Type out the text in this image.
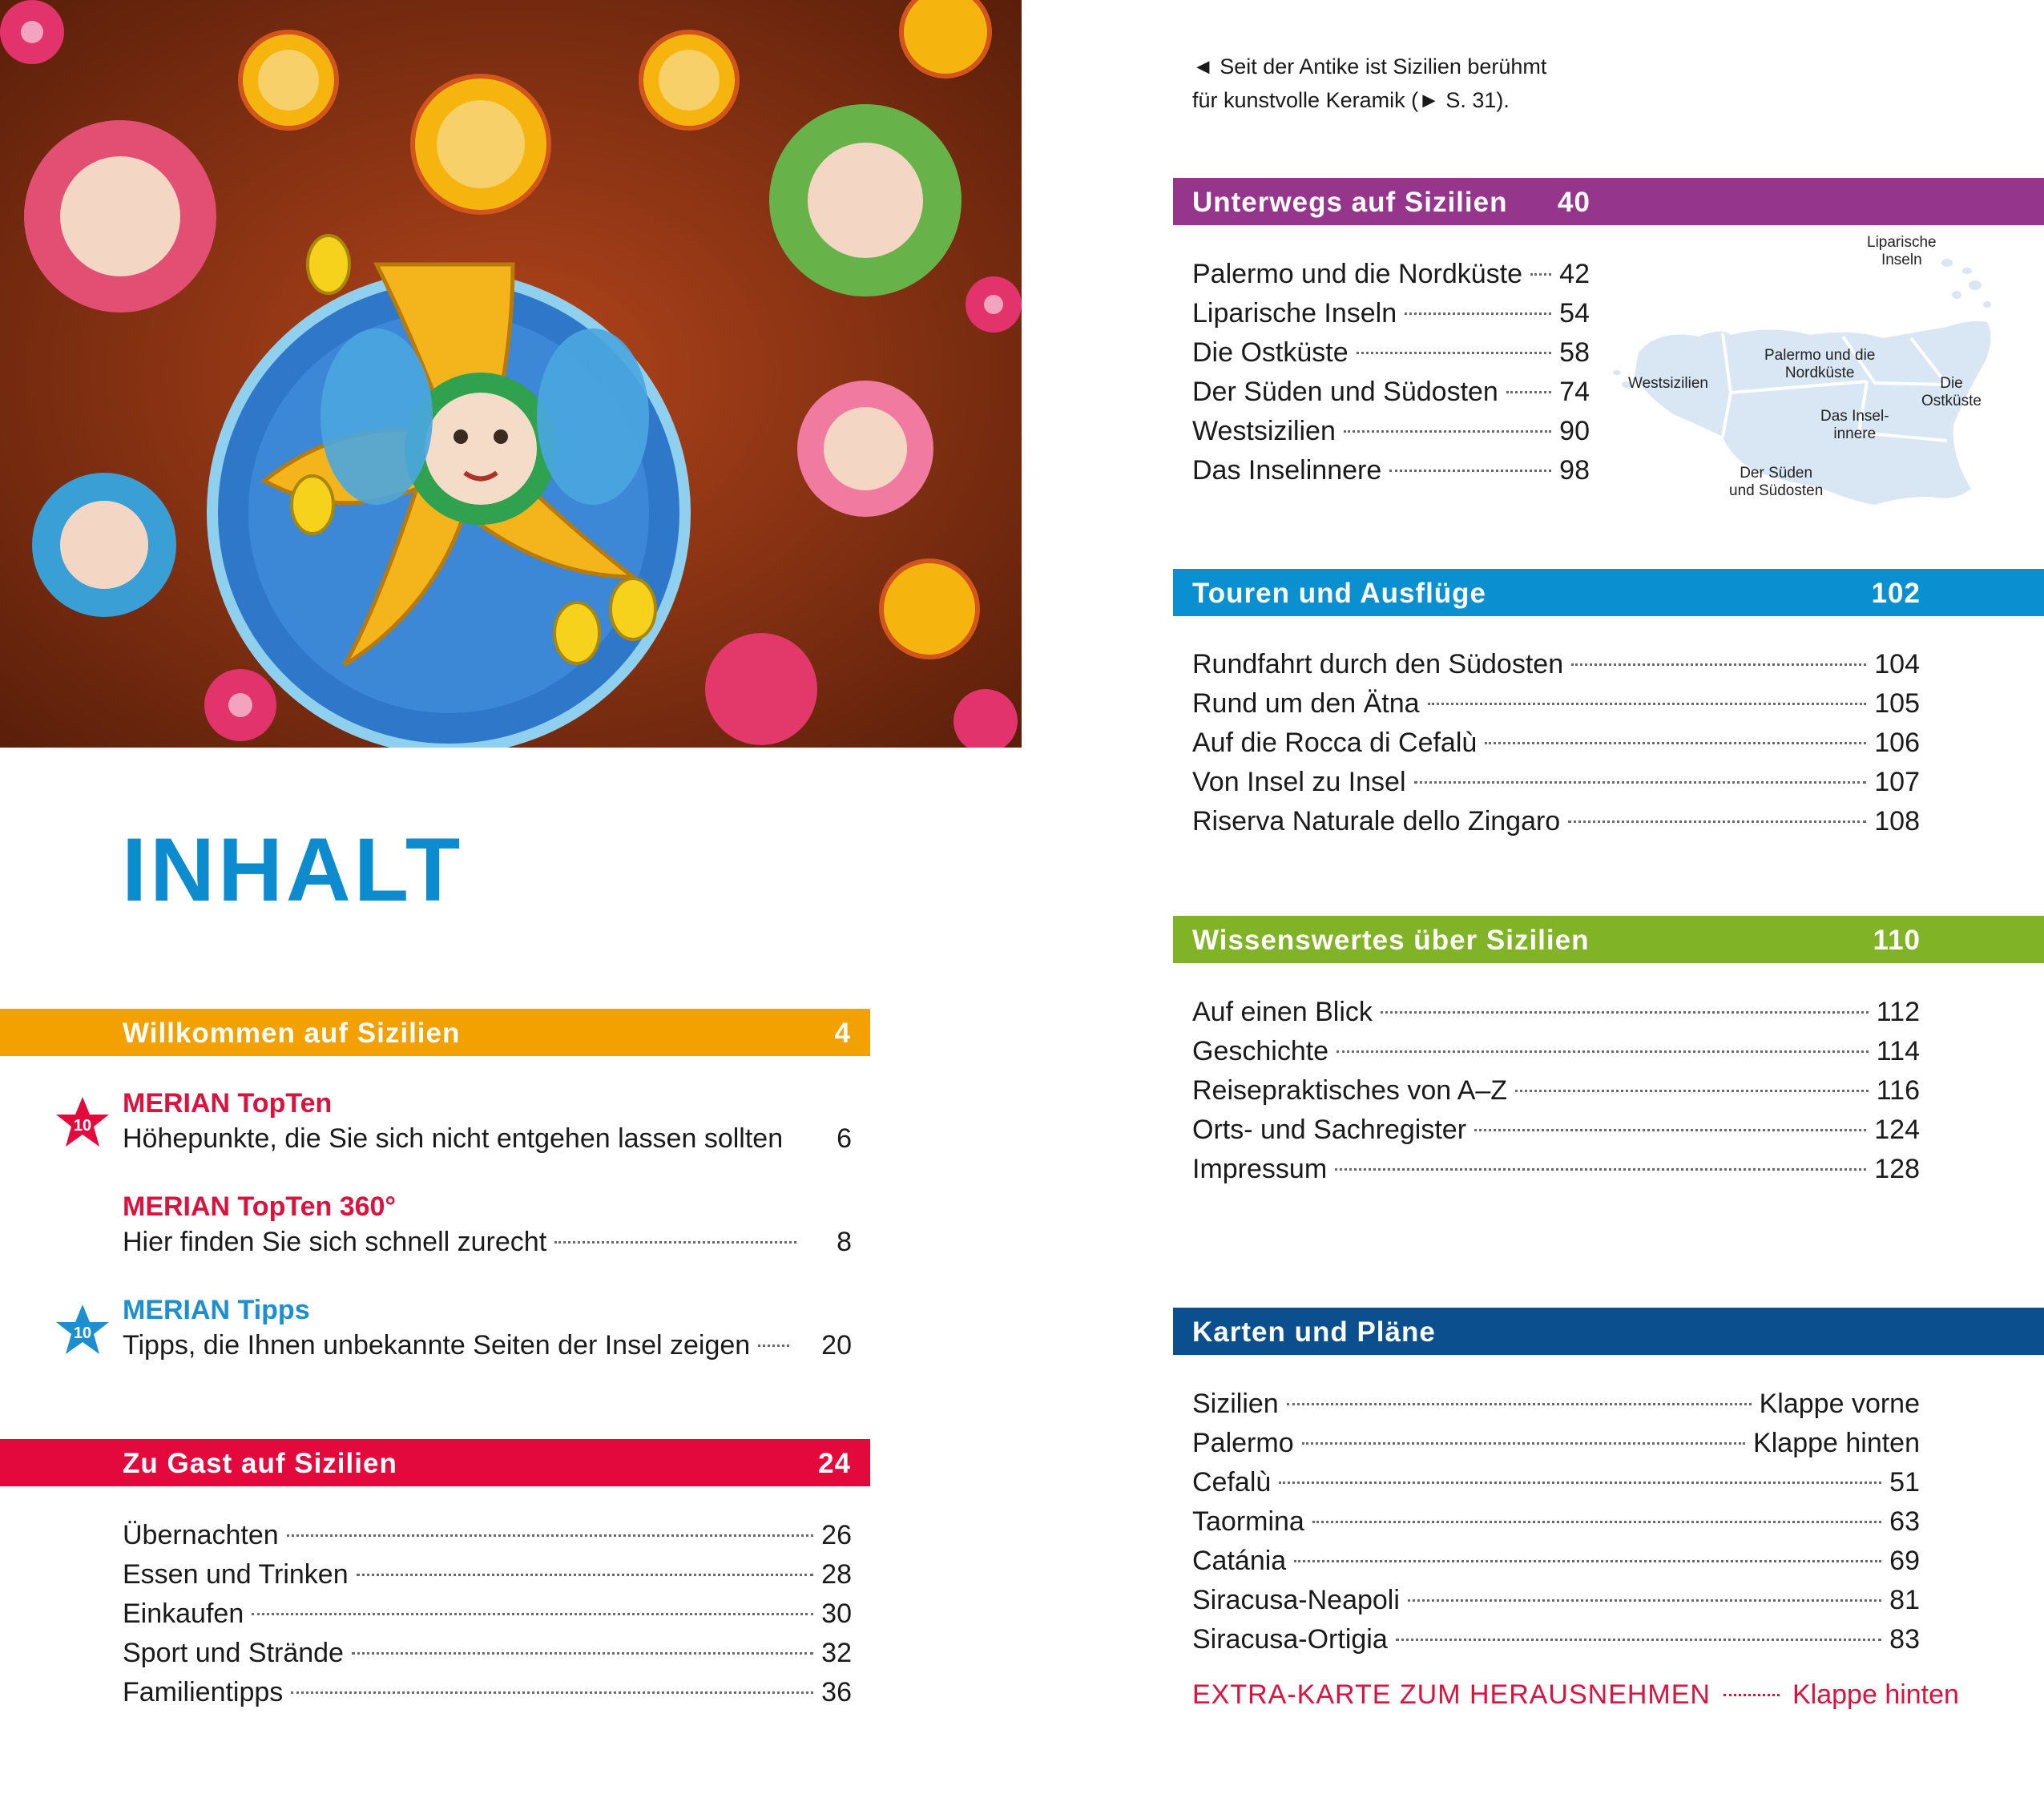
INHALT
Willkommen auf Sizilien	4
10
MERIAN TopTen
Höhepunkte, die Sie sich nicht entgehen lassen sollten 6
MERIAN TopTen 360°
Hier finden Sie sich schnell zurecht	8
10
MERIAN Tipps
Tipps, die Ihnen unbekannte Seiten der Insel zeigen	20
Zu Gast auf Sizilien	24
Übernachten	26
Essen und Trinken	28
Einkaufen	30
Sport und Strände	32
Familientipps	36
◄ Seit der Antike ist Sizilien berühmt
für kunstvolle Keramik (► S. 31).
Unterwegs auf Sizilien 40
Palermo und die Nordküste 42
Liparische Inseln	54
Die Ostküste	58
Der Süden und Südosten 74
Westsizilien	90
Das Inselinnere	98
Liparische
Inseln
Palermo und die
Nordküste
Westsizilien	Die
Ostküste
Das Insel-
innere
Der Süden
und Südosten
Touren und Ausflüge	102
Rundfahrt durch den Südosten	104
Rund um den Ätna	105
Auf die Rocca di Cefalù	106
Von Insel zu Insel	107
Riserva Naturale dello Zingaro	108
Wissenswertes über Sizilien	110
Auf einen Blick	112
Geschichte	114
Reisepraktisches von A–Z	116
Orts- und Sachregister	124
Impressum	128
Karten und Pläne
Sizilien	Klappe vorne
Palermo	Klappe hinten
Cefalù	51
Taormina	63
Catánia	69
Siracusa-Neapoli	81
Siracusa-Ortigia	83
EXTRA-KARTE ZUM HERAUSNEHMEN	Klappe hinten
